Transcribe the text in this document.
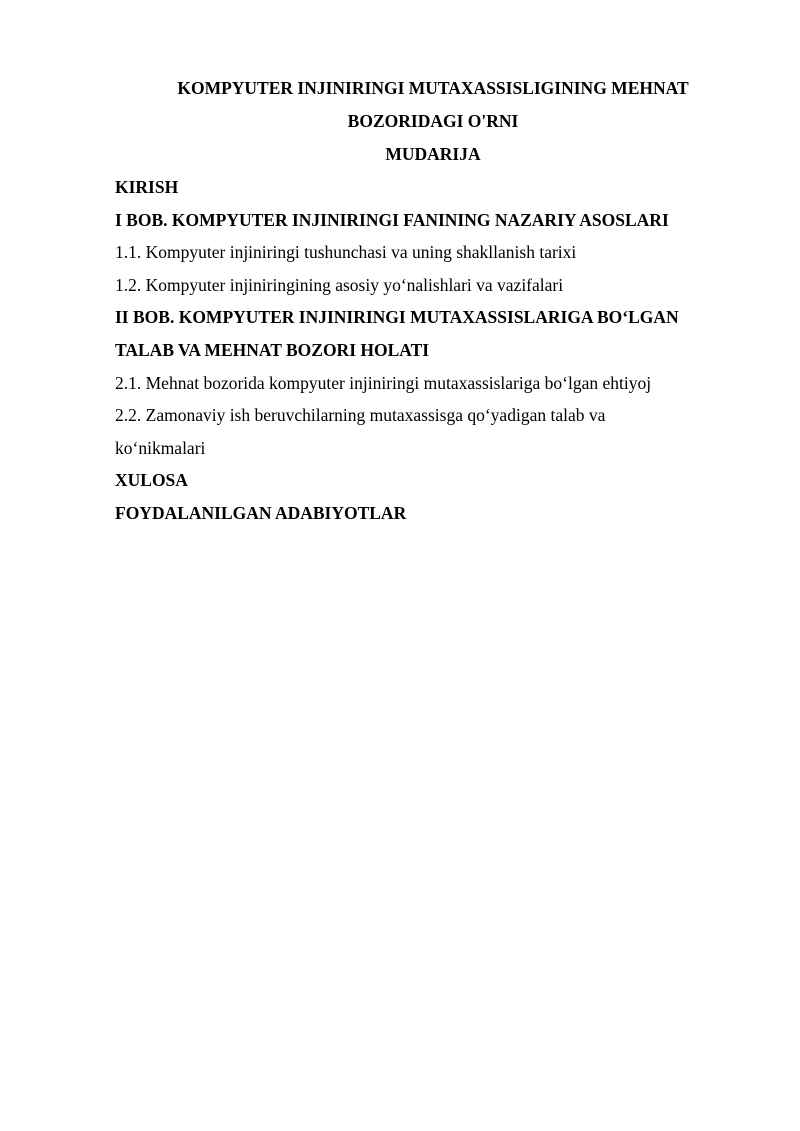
KOMPYUTER INJINIRINGI MUTAXASSISLIGINING MEHNAT BOZORIDAGI O'RNI
MUDARIJA
KIRISH
I BOB. KOMPYUTER INJINIRINGI FANINING NAZARIY ASOSLARI
1.1. Kompyuter injiniringi tushunchasi va uning shakllanish tarixi
1.2. Kompyuter injiniringining asosiy yo‘nalishlari va vazifalari
II BOB. KOMPYUTER INJINIRINGI MUTAXASSISLARIGA BO‘LGAN TALAB VA MEHNAT BOZORI HOLATI
2.1. Mehnat bozorida kompyuter injiniringi mutaxassislariga bo‘lgan ehtiyoj
2.2. Zamonaviy ish beruvchilarning mutaxassisga qo‘yadigan talab va ko‘nikmalari
XULOSA
FOYDALANILGAN ADABIYOTLAR
